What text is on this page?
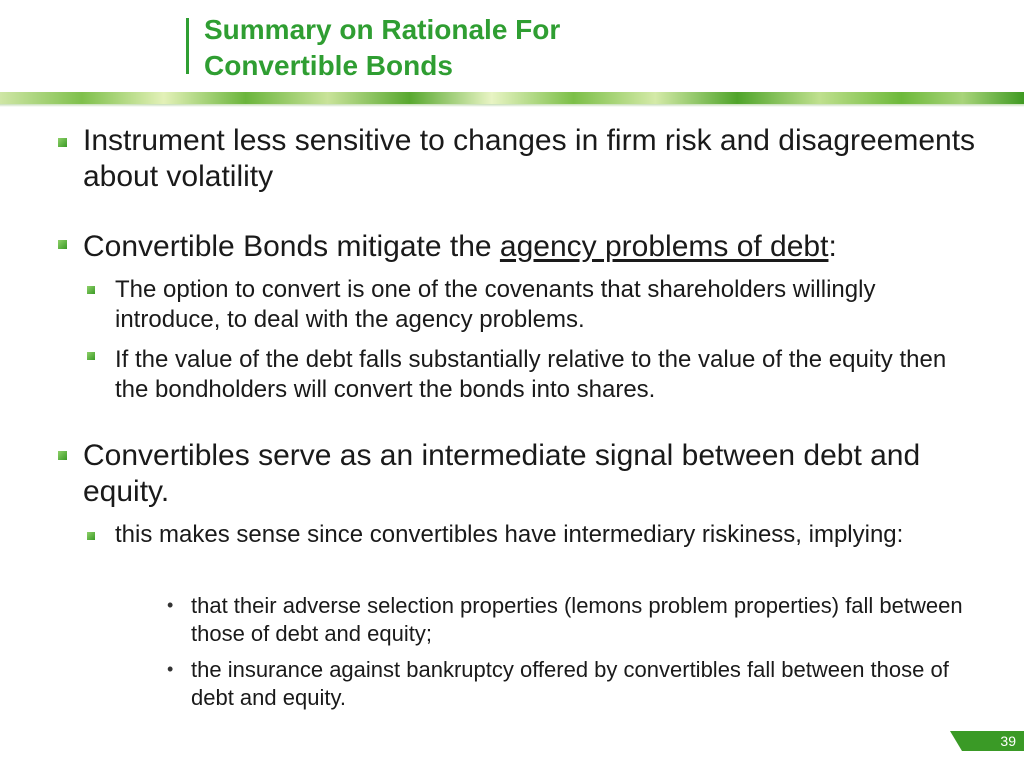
Summary on Rationale For
Convertible Bonds
Instrument less sensitive to changes in firm risk and disagreements about volatility
Convertible Bonds mitigate the agency problems of debt:
The option to convert is one of the covenants that shareholders willingly introduce, to deal with the agency problems.
If the value of the debt falls substantially relative to the value of the equity then the bondholders will convert the bonds into shares.
Convertibles serve as an intermediate signal between debt and equity.
this makes sense since convertibles have intermediary riskiness, implying:
• that their adverse selection properties (lemons problem properties) fall between those of debt and equity;
• the insurance against bankruptcy offered by convertibles fall between those of debt and equity.
39
